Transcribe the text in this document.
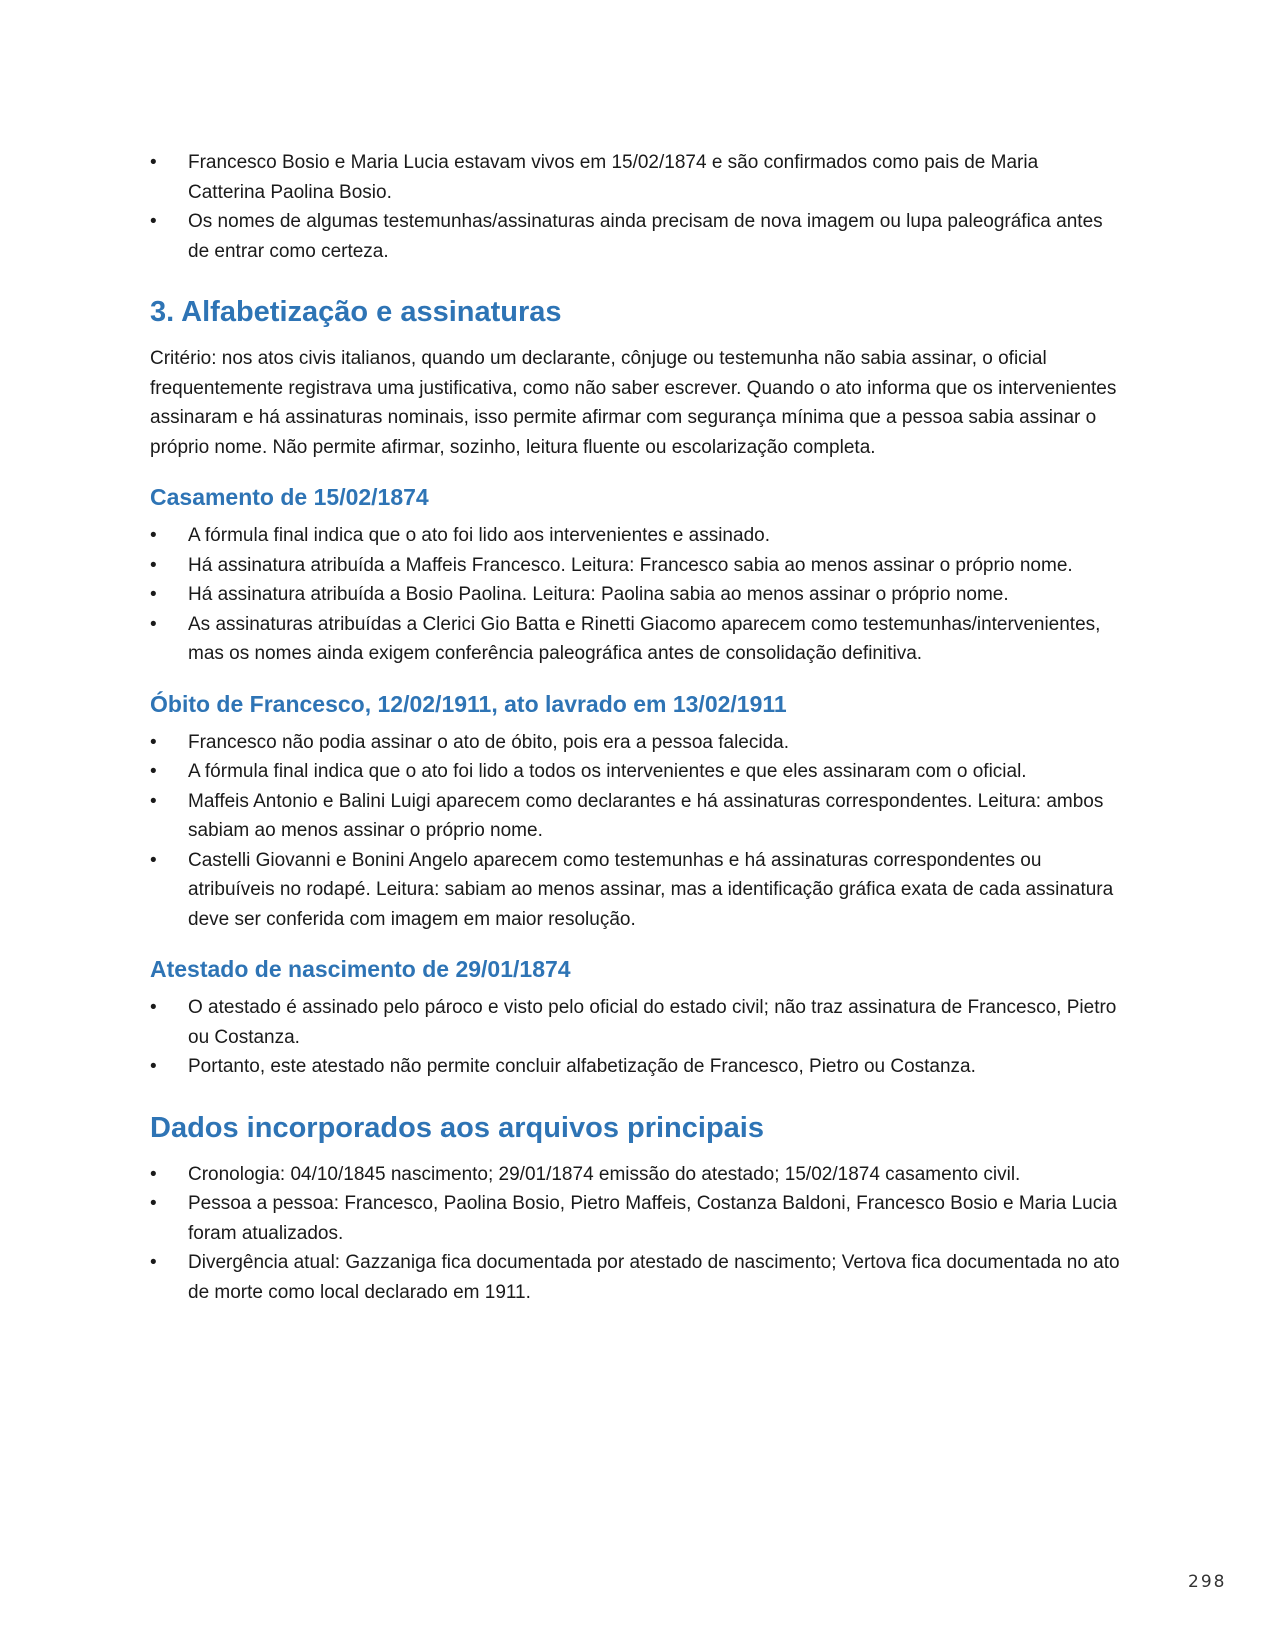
• Francesco Bosio e Maria Lucia estavam vivos em 15/02/1874 e são confirmados como pais de Maria Catterina Paolina Bosio.
• Os nomes de algumas testemunhas/assinaturas ainda precisam de nova imagem ou lupa paleográfica antes de entrar como certeza.
3. Alfabetização e assinaturas

Critério: nos atos civis italianos, quando um declarante, cônjuge ou testemunha não sabia assinar, o oficial frequentemente registrava uma justificativa, como não saber escrever. Quando o ato informa que os intervenientes assinaram e há assinaturas nominais, isso permite afirmar com segurança mínima que a pessoa sabia assinar o próprio nome. Não permite afirmar, sozinho, leitura fluente ou escolarização completa.

Casamento de 15/02/1874
• A fórmula final indica que o ato foi lido aos intervenientes e assinado.
• Há assinatura atribuída a Maffeis Francesco. Leitura: Francesco sabia ao menos assinar o próprio nome.
• Há assinatura atribuída a Bosio Paolina. Leitura: Paolina sabia ao menos assinar o próprio nome.
• As assinaturas atribuídas a Clerici Gio Batta e Rinetti Giacomo aparecem como testemunhas/intervenientes, mas os nomes ainda exigem conferência paleográfica antes de consolidação definitiva.
Óbito de Francesco, 12/02/1911, ato lavrado em 13/02/1911
• Francesco não podia assinar o ato de óbito, pois era a pessoa falecida.
• A fórmula final indica que o ato foi lido a todos os intervenientes e que eles assinaram com o oficial.
• Maffeis Antonio e Balini Luigi aparecem como declarantes e há assinaturas correspondentes. Leitura: ambos sabiam ao menos assinar o próprio nome.
• Castelli Giovanni e Bonini Angelo aparecem como testemunhas e há assinaturas correspondentes ou atribuíveis no rodapé. Leitura: sabiam ao menos assinar, mas a identificação gráfica exata de cada assinatura deve ser conferida com imagem em maior resolução.
Atestado de nascimento de 29/01/1874
• O atestado é assinado pelo pároco e visto pelo oficial do estado civil; não traz assinatura de Francesco, Pietro ou Costanza.
• Portanto, este atestado não permite concluir alfabetização de Francesco, Pietro ou Costanza.
Dados incorporados aos arquivos principais
• Cronologia: 04/10/1845 nascimento; 29/01/1874 emissão do atestado; 15/02/1874 casamento civil.
• Pessoa a pessoa: Francesco, Paolina Bosio, Pietro Maffeis, Costanza Baldoni, Francesco Bosio e Maria Lucia foram atualizados.
• Divergência atual: Gazzaniga fica documentada por atestado de nascimento; Vertova fica documentada no ato de morte como local declarado em 1911.
298
